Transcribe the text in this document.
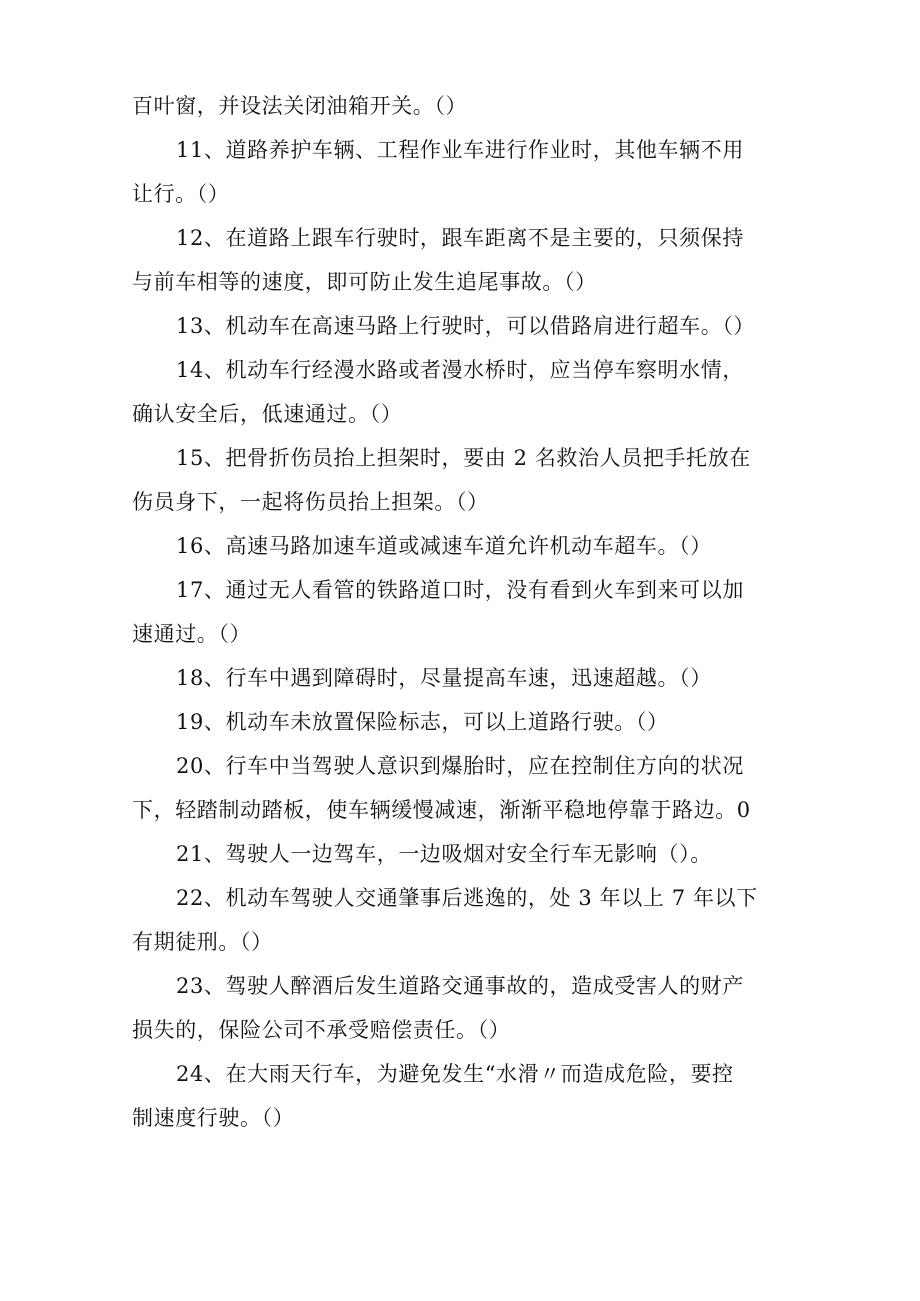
百叶窗，并设法关闭油箱开关。（）
11、道路养护车辆、工程作业车进行作业时，其他车辆不用
让行。（）
12、在道路上跟车行驶时，跟车距离不是主要的，只须保持
与前车相等的速度，即可防止发生追尾事故。（）
13、机动车在高速马路上行驶时，可以借路肩进行超车。（）
14、机动车行经漫水路或者漫水桥时，应当停车察明水情，
确认安全后，低速通过。（）
15、把骨折伤员抬上担架时，要由 2 名救治人员把手托放在
伤员身下，一起将伤员抬上担架。（）
16、高速马路加速车道或减速车道允许机动车超车。（）
17、通过无人看管的铁路道口时，没有看到火车到来可以加
速通过。（）
18、行车中遇到障碍时，尽量提高车速，迅速超越。（）
19、机动车未放置保险标志，可以上道路行驶。（）
20、行车中当驾驶人意识到爆胎时，应在控制住方向的状况
下，轻踏制动踏板，使车辆缓慢减速，渐渐平稳地停靠于路边。0
21、驾驶人一边驾车，一边吸烟对安全行车无影响（）。
22、机动车驾驶人交通肇事后逃逸的，处 3 年以上 7 年以下
有期徒刑。（）
23、驾驶人醉酒后发生道路交通事故的，造成受害人的财产
损失的，保险公司不承受赔偿责任。（）
24、在大雨天行车，为避免发生“水滑〃而造成危险，要控
制速度行驶。（）
